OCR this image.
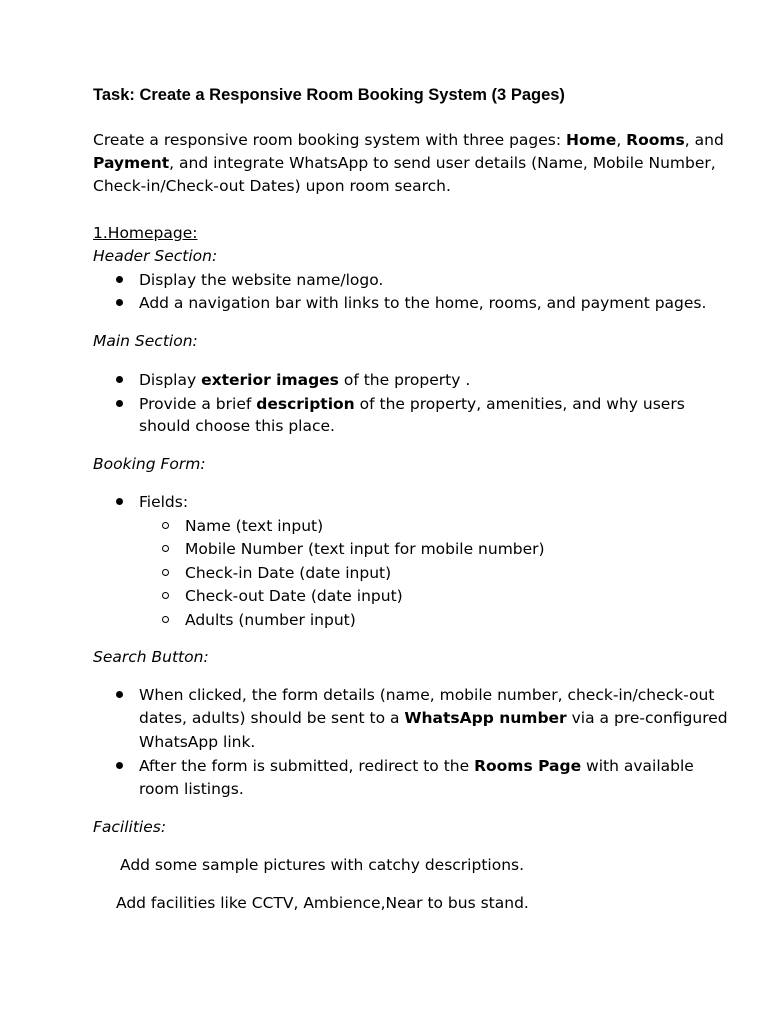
Task: Create a Responsive Room Booking System (3 Pages)
Create a responsive room booking system with three pages: Home, Rooms, and
Payment, and integrate WhatsApp to send user details (Name, Mobile Number,
Check-in/Check-out Dates) upon room search.
1.Homepage:
Header Section:
Display the website name/logo.
Add a navigation bar with links to the home, rooms, and payment pages.
Main Section:
Display exterior images of the property .
Provide a brief description of the property, amenities, and why users
should choose this place.
Booking Form:
Fields:
Name (text input)
Mobile Number (text input for mobile number)
Check-in Date (date input)
Check-out Date (date input)
Adults (number input)
Search Button:
When clicked, the form details (name, mobile number, check-in/check-out
dates, adults) should be sent to a WhatsApp number via a pre-configured
WhatsApp link.
After the form is submitted, redirect to the Rooms Page with available
room listings.
Facilities:
Add some sample pictures with catchy descriptions.
Add facilities like CCTV, Ambience,Near to bus stand.
